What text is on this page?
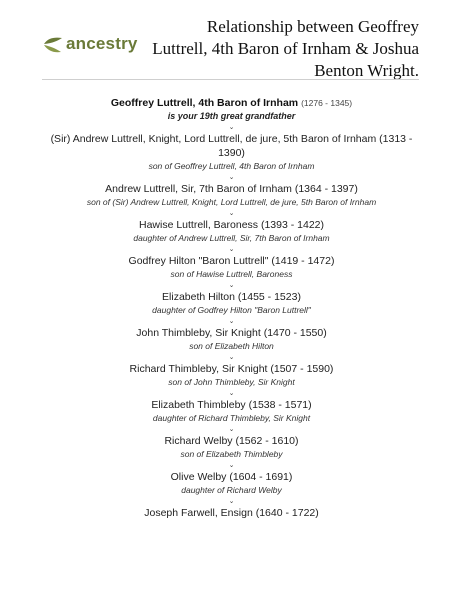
ancestry
Relationship between Geoffrey Luttrell, 4th Baron of Irnham & Joshua Benton Wright.
Geoffrey Luttrell, 4th Baron of Irnham (1276 - 1345)
is your 19th great grandfather
⌄
(Sir) Andrew Luttrell, Knight, Lord Luttrell, de jure, 5th Baron of Irnham (1313 - 1390)
son of Geoffrey Luttrell, 4th Baron of Irnham
⌄
Andrew Luttrell, Sir, 7th Baron of Irnham (1364 - 1397)
son of (Sir) Andrew Luttrell, Knight, Lord Luttrell, de jure, 5th Baron of Irnham
⌄
Hawise Luttrell, Baroness (1393 - 1422)
daughter of Andrew Luttrell, Sir, 7th Baron of Irnham
⌄
Godfrey Hilton "Baron Luttrell" (1419 - 1472)
son of Hawise Luttrell, Baroness
⌄
Elizabeth Hilton (1455 - 1523)
daughter of Godfrey Hilton "Baron Luttrell"
⌄
John Thimbleby, Sir Knight (1470 - 1550)
son of Elizabeth Hilton
⌄
Richard Thimbleby, Sir Knight (1507 - 1590)
son of John Thimbleby, Sir Knight
⌄
Elizabeth Thimbleby (1538 - 1571)
daughter of Richard Thimbleby, Sir Knight
⌄
Richard Welby (1562 - 1610)
son of Elizabeth Thimbleby
⌄
Olive Welby (1604 - 1691)
daughter of Richard Welby
⌄
Joseph Farwell, Ensign (1640 - 1722)
